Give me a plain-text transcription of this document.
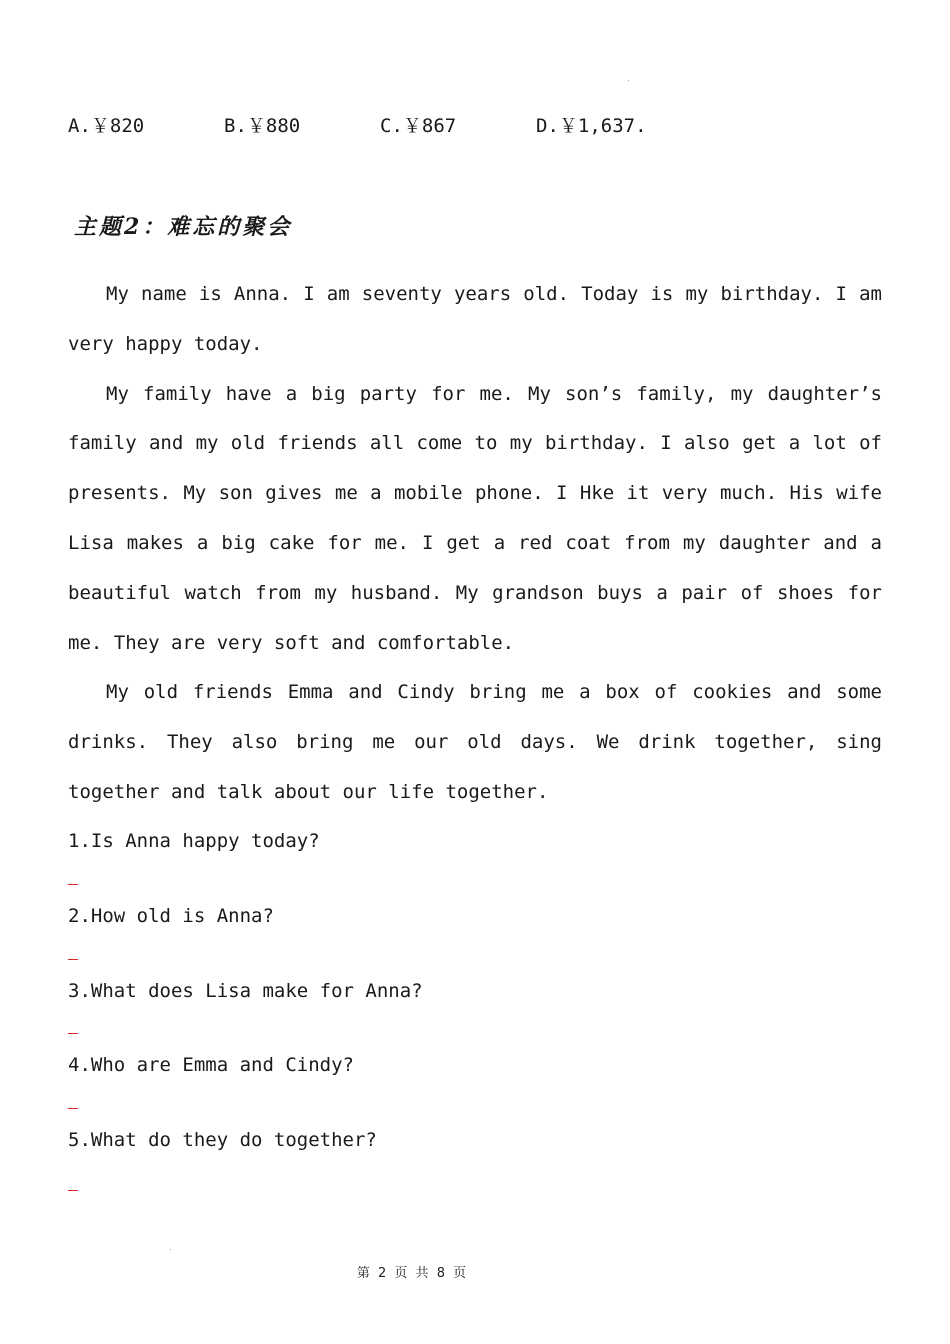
A.￥820	B.￥880	C.￥867	D.￥1,637.
主题2：难忘的聚会

My name is Anna. I am seventy years old. Today is my birthday. I am very happy today.

My family have a big party for me. My son’s family, my daughter’s family and my old friends all come to my birthday. I also get a lot of presents. My son gives me a mobile phone. I Hke it very much. His wife Lisa makes a big cake for me. I get a red coat from my daughter and a beautiful watch from my husband. My grandson buys a pair of shoes for me. They are very soft and comfortable.

My old friends Emma and Cindy bring me a box of cookies and some drinks. They also bring me our old days. We drink together, sing together and talk about our life together.

1.Is Anna happy today?
2.How old is Anna?
3.What does Lisa make for Anna?
4.Who are Emma and Cindy?
5.What do they do together?
第 2 页 共 8 页
